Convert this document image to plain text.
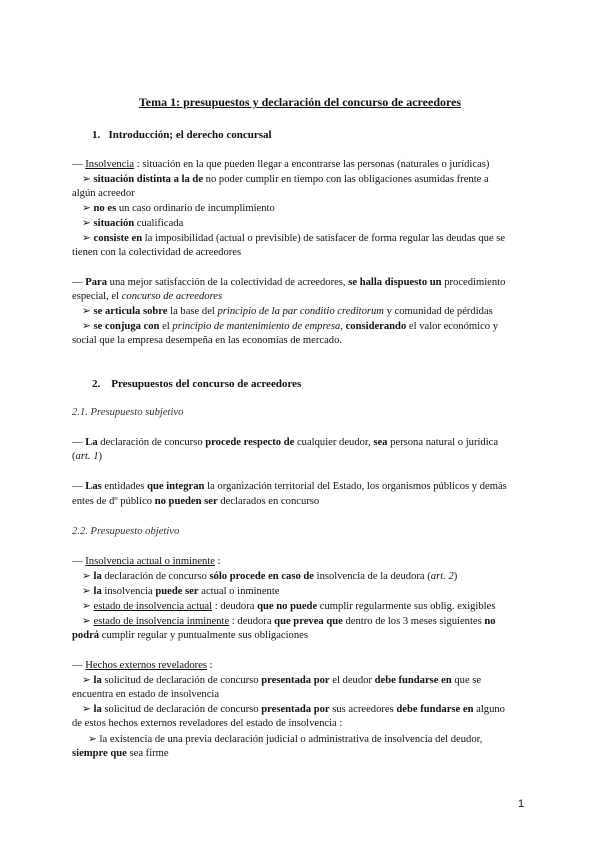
Tema 1: presupuestos y declaración del concurso de acreedores
1.   Introducción; el derecho concursal
— Insolvencia : situación en la que pueden llegar a encontrarse las personas (naturales o jurídicas)
➢ situación distinta a la de no poder cumplir en tiempo con las obligaciones asumidas frente a
algún acreedor
➢ no es un caso ordinario de incumplimiento
➢ situación cualificada
➢ consiste en la imposibilidad (actual o previsible) de satisfacer de forma regular las deudas que se
tienen con la colectividad de acreedores
— Para una mejor satisfacción de la colectividad de acreedores, se halla dispuesto un procedimiento
especial, el concurso de acreedores
➢ se articula sobre la base del principio de la par conditio creditorum y comunidad de pérdidas
➢ se conjuga con el principio de mantenimiento de empresa, considerando el valor económico y
social que la empresa desempeña en las economías de mercado.
2.    Presupuestos del concurso de acreedores
2.1. Presupuesto subjetivo
— La declaración de concurso procede respecto de cualquier deudor, sea persona natural o jurídica
(art. 1)
— Las entidades que integran la organización territorial del Estado, los organismos públicos y demás
entes de dº público no pueden ser declarados en concurso
2.2. Presupuesto objetivo
— Insolvencia actual o inminente :
➢ la declaración de concurso sólo procede en caso de insolvencia de la deudora (art. 2)
➢ la insolvencia puede ser actual o inminente
➢ estado de insolvencia actual : deudora que no puede cumplir regularmente sus oblig. exigibles
➢ estado de insolvencia inminente : deudora que prevea que dentro de los 3 meses siguientes no
podrá cumplir regular y puntualmente sus obligaciones
— Hechos externos reveladores :
➢ la solicitud de declaración de concurso presentada por el deudor debe fundarse en que se
encuentra en estado de insolvencia
➢ la solicitud de declaración de concurso presentada por sus acreedores debe fundarse en alguno
de estos hechos externos reveladores del estado de insolvencia :
➢ la existencia de una previa declaración judicial o administrativa de insolvencia del deudor,
siempre que sea firme
1
